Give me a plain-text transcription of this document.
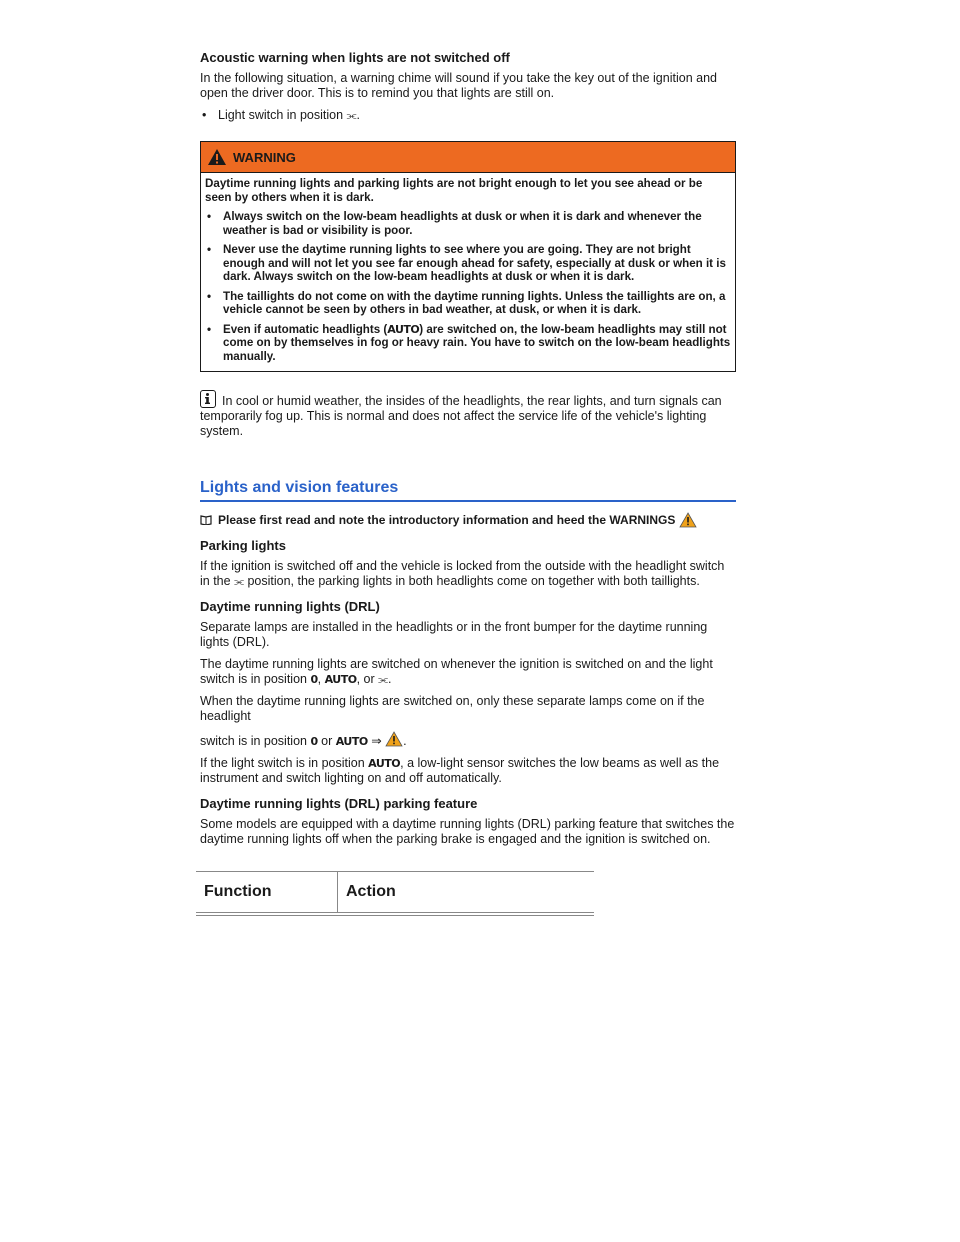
Acoustic warning when lights are not switched off
In the following situation, a warning chime will sound if you take the key out of the ignition and open the driver door. This is to remind you that lights are still on.
• Light switch in position ⫘.
WARNING
Daytime running lights and parking lights are not bright enough to let you see ahead or be seen by others when it is dark.
•	Always switch on the low-beam headlights at dusk or when it is dark and whenever the weather is bad or visibility is poor.
•	Never use the daytime running lights to see where you are going. They are not bright enough and will not let you see far enough ahead for safety, especially at dusk or when it is dark. Always switch on the low-beam headlights at dusk or when it is dark.
•	The taillights do not come on with the daytime running lights. Unless the taillights are on, a vehicle cannot be seen by others in bad weather, at dusk, or when it is dark.
•	Even if automatic headlights (AUTO) are switched on, the low-beam headlights may still not come on by themselves in fog or heavy rain. You have to switch on the low-beam headlights manually.
In cool or humid weather, the insides of the headlights, the rear lights, and turn signals can temporarily fog up. This is normal and does not affect the service life of the vehicle's lighting system.
Lights and vision features
Please first read and note the introductory information and heed the WARNINGS
Parking lights
If the ignition is switched off and the vehicle is locked from the outside with the headlight switch in the ⫘ position, the parking lights in both headlights come on together with both taillights.
Daytime running lights (DRL)
Separate lamps are installed in the headlights or in the front bumper for the daytime running lights (DRL).
The daytime running lights are switched on whenever the ignition is switched on and the light switch is in position 0, AUTO, or ⫘.
When the daytime running lights are switched on, only these separate lamps come on if the headlight
switch is in position 0 or AUTO ⇒ .
If the light switch is in position AUTO, a low-light sensor switches the low beams as well as the instrument and switch lighting on and off automatically.
Daytime running lights (DRL) parking feature
Some models are equipped with a daytime running lights (DRL) parking feature that switches the daytime running lights off when the parking brake is engaged and the ignition is switched on.
Function	Action
